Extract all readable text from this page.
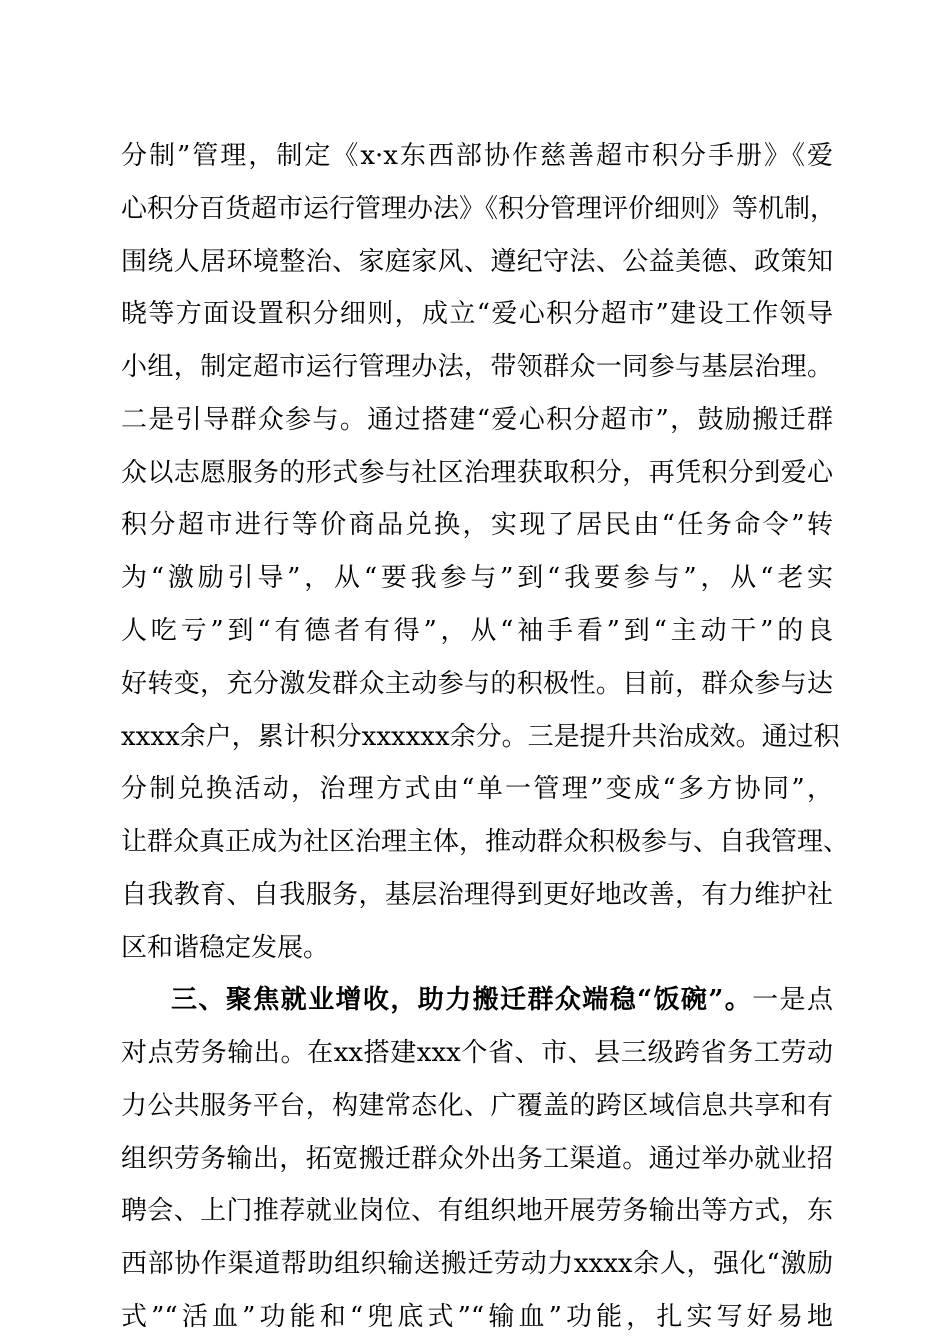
分制”管理，制定《x·x东西部协作慈善超市积分手册》《爱
心积分百货超市运行管理办法》《积分管理评价细则》等机制，
围绕人居环境整治、家庭家风、遵纪守法、公益美德、政策知
晓等方面设置积分细则，成立“爱心积分超市”建设工作领导
小组，制定超市运行管理办法，带领群众一同参与基层治理。
二是引导群众参与。通过搭建“爱心积分超市”，鼓励搬迁群
众以志愿服务的形式参与社区治理获取积分，再凭积分到爱心
积分超市进行等价商品兑换，实现了居民由“任务命令”转
为“激励引导”，从“要我参与”到“我要参与”，从“老实
人吃亏”到“有德者有得”，从“袖手看”到“主动干”的良
好转变，充分激发群众主动参与的积极性。目前，群众参与达
xxxx余户，累计积分xxxxxx余分。三是提升共治成效。通过积
分制兑换活动，治理方式由“单一管理”变成“多方协同”，
让群众真正成为社区治理主体，推动群众积极参与、自我管理、
自我教育、自我服务，基层治理得到更好地改善，有力维护社
区和谐稳定发展。
三、聚焦就业增收，助力搬迁群众端稳“饭碗”。一是点
对点劳务输出。在xx搭建xxx个省、市、县三级跨省务工劳动
力公共服务平台，构建常态化、广覆盖的跨区域信息共享和有
组织劳务输出，拓宽搬迁群众外出务工渠道。通过举办就业招
聘会、上门推荐就业岗位、有组织地开展劳务输出等方式，东
西部协作渠道帮助组织输送搬迁劳动力xxxx余人，强化“激励
式”“活血”功能和“兜底式”“输血”功能，扎实写好易地
